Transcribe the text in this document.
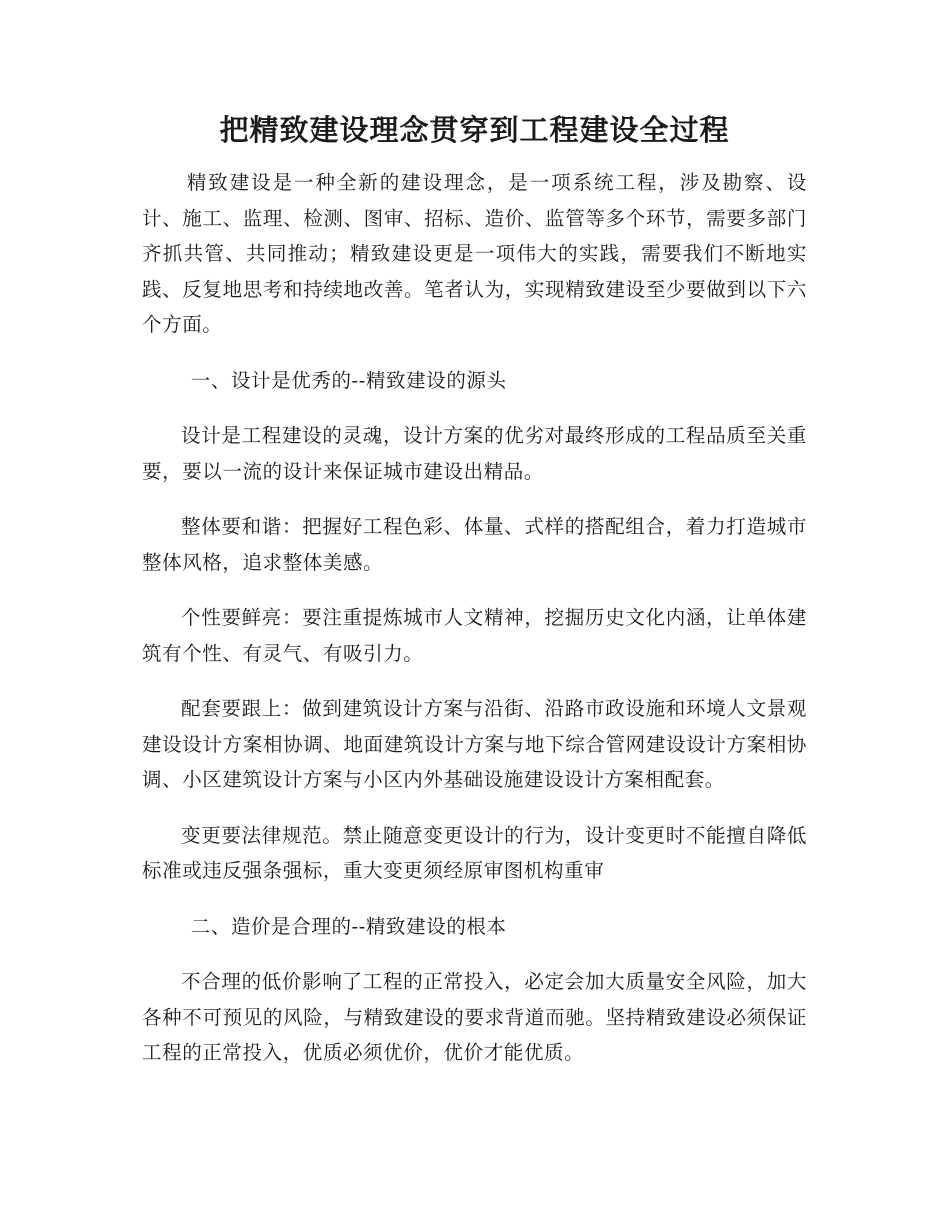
把精致建设理念贯穿到工程建设全过程

精致建设是一种全新的建设理念，是一项系统工程，涉及勘察、设计、施工、监理、检测、图审、招标、造价、监管等多个环节，需要多部门齐抓共管、共同推动；精致建设更是一项伟大的实践，需要我们不断地实践、反复地思考和持续地改善。笔者认为，实现精致建设至少要做到以下六个方面。

一、设计是优秀的--精致建设的源头

设计是工程建设的灵魂，设计方案的优劣对最终形成的工程品质至关重要，要以一流的设计来保证城市建设出精品。

整体要和谐：把握好工程色彩、体量、式样的搭配组合，着力打造城市整体风格，追求整体美感。

个性要鲜亮：要注重提炼城市人文精神，挖掘历史文化内涵，让单体建筑有个性、有灵气、有吸引力。

配套要跟上：做到建筑设计方案与沿街、沿路市政设施和环境人文景观建设设计方案相协调、地面建筑设计方案与地下综合管网建设设计方案相协调、小区建筑设计方案与小区内外基础设施建设设计方案相配套。

变更要法律规范。禁止随意变更设计的行为，设计变更时不能擅自降低标准或违反强条强标，重大变更须经原审图机构重审

二、造价是合理的--精致建设的根本

不合理的低价影响了工程的正常投入，必定会加大质量安全风险，加大各种不可预见的风险，与精致建设的要求背道而驰。坚持精致建设必须保证工程的正常投入，优质必须优价，优价才能优质。
